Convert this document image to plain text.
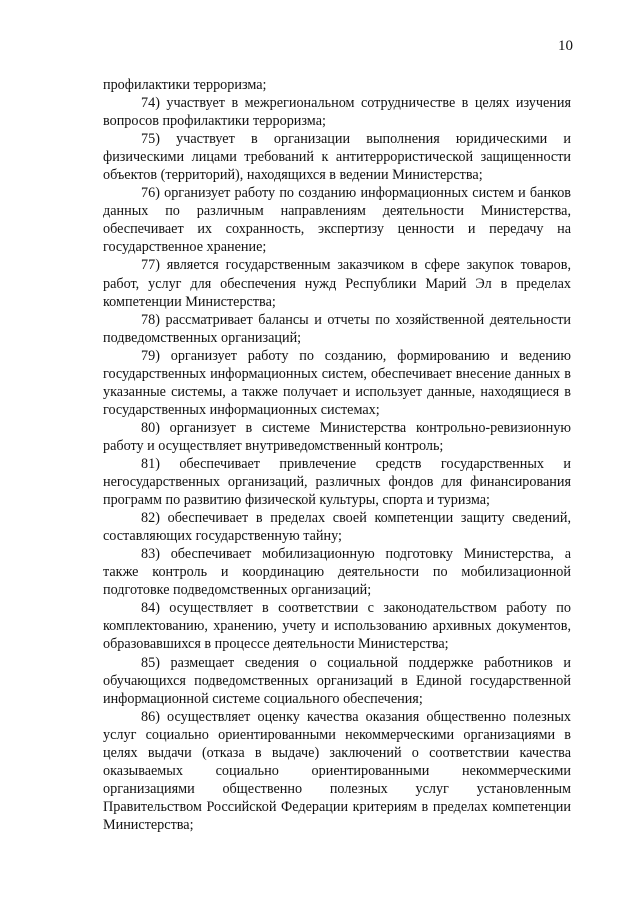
10

профилактики терроризма;

74) участвует в межрегиональном сотрудничестве в целях изучения вопросов профилактики терроризма;

75) участвует в организации выполнения юридическими и физическими лицами требований к антитеррористической защищенности объектов (территорий), находящихся в ведении Министерства;

76) организует работу по созданию информационных систем и банков данных по различным направлениям деятельности Министерства, обеспечивает их сохранность, экспертизу ценности и передачу на государственное хранение;

77) является государственным заказчиком в сфере закупок товаров, работ, услуг для обеспечения нужд Республики Марий Эл в пределах компетенции Министерства;

78) рассматривает балансы и отчеты по хозяйственной деятельности подведомственных организаций;

79) организует работу по созданию, формированию и ведению государственных информационных систем, обеспечивает внесение данных в указанные системы, а также получает и использует данные, находящиеся в государственных информационных системах;

80) организует в системе Министерства контрольно-ревизионную работу и осуществляет внутриведомственный контроль;

81) обеспечивает привлечение средств государственных и негосударственных организаций, различных фондов для финансирования программ по развитию физической культуры, спорта и туризма;

82) обеспечивает в пределах своей компетенции защиту сведений, составляющих государственную тайну;

83) обеспечивает мобилизационную подготовку Министерства, а также контроль и координацию деятельности по мобилизационной подготовке подведомственных организаций;

84) осуществляет в соответствии с законодательством работу по комплектованию, хранению, учету и использованию архивных документов, образовавшихся в процессе деятельности Министерства;

85) размещает сведения о социальной поддержке работников и обучающихся подведомственных организаций в Единой государственной информационной системе социального обеспечения;

86) осуществляет оценку качества оказания общественно полезных услуг социально ориентированными некоммерческими организациями в целях выдачи (отказа в выдаче) заключений о соответствии качества оказываемых социально ориентированными некоммерческими организациями общественно полезных услуг установленным Правительством Российской Федерации критериям в пределах компетенции Министерства;
